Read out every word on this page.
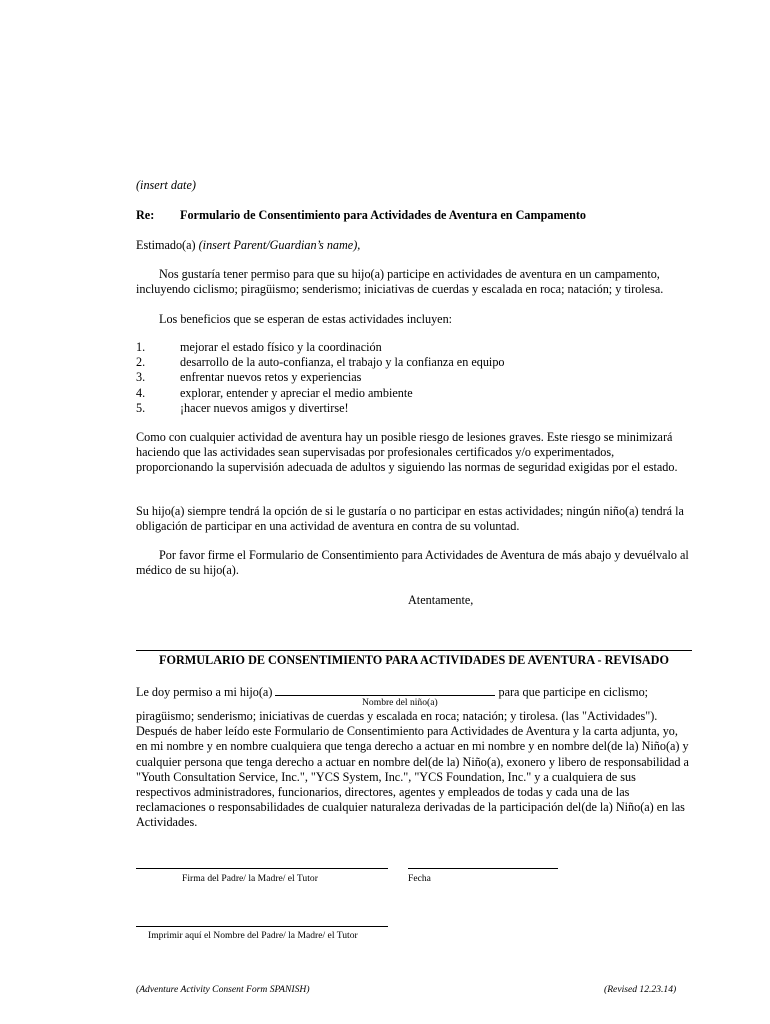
(insert date)
Re: Formulario de Consentimiento para Actividades de Aventura en Campamento
Estimado(a) (insert Parent/Guardian’s name),

Nos gustaría tener permiso para que su hijo(a) participe en actividades de aventura en un campamento, incluyendo ciclismo; piragüismo; senderismo; iniciativas de cuerdas y escalada en roca; natación; y tirolesa.

Los beneficios que se esperan de estas actividades incluyen:

1.	mejorar el estado físico y la coordinación
2.	desarrollo de la auto-confianza, el trabajo y la confianza en equipo
3.	enfrentar nuevos retos y experiencias
4.	explorar, entender y apreciar el medio ambiente
5.	¡hacer nuevos amigos y divertirse!

Como con cualquier actividad de aventura hay un posible riesgo de lesiones graves. Este riesgo se minimizará haciendo que las actividades sean supervisadas por profesionales certificados y/o experimentados, proporcionando la supervisión adecuada de adultos y siguiendo las normas de seguridad exigidas por el estado.

Su hijo(a) siempre tendrá la opción de si le gustaría o no participar en estas actividades; ningún niño(a) tendrá la obligación de participar en una actividad de aventura en contra de su voluntad.

Por favor firme el Formulario de Consentimiento para Actividades de Aventura de más abajo y devuélvalo al médico de su hijo(a).

Atentamente,
FORMULARIO DE CONSENTIMIENTO PARA ACTIVIDADES DE AVENTURA - REVISADO
Le doy permiso a mi hijo(a)	para que participe en ciclismo;
Nombre del niño(a)

piragüismo; senderismo; iniciativas de cuerdas y escalada en roca; natación; y tirolesa. (las "Actividades"). Después de haber leído este Formulario de Consentimiento para Actividades de Aventura y la carta adjunta, yo, en mi nombre y en nombre cualquiera que tenga derecho a actuar en mi nombre y en nombre del(de la) Niño(a) y cualquier persona que tenga derecho a actuar en nombre del(de la) Niño(a), exonero y libero de responsabilidad a "Youth Consultation Service, Inc.", "YCS System, Inc.", "YCS Foundation, Inc." y a cualquiera de sus respectivos administradores, funcionarios, directores, agentes y empleados de todas y cada una de las reclamaciones o responsabilidades de cualquier naturaleza derivadas de la participación del(de la) Niño(a) en las Actividades.

Firma del Padre/ la Madre/ el Tutor	Fecha
Imprimir aquí el Nombre del Padre/ la Madre/ el Tutor
(Adventure Activity Consent Form SPANISH)	(Revised 12.23.14)
